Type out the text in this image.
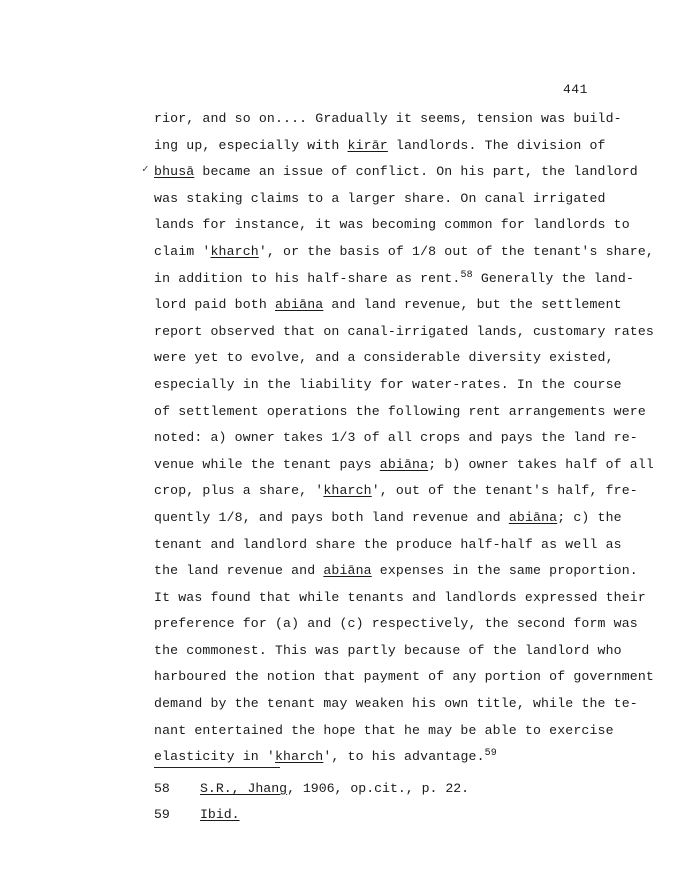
441
✓
rior, and so on.... Gradually it seems, tension was build-
ing up, especially with kirār landlords. The division of
bhusā became an issue of conflict. On his part, the landlord
was staking claims to a larger share. On canal irrigated
lands for instance, it was becoming common for landlords to
claim 'kharch', or the basis of 1/8 out of the tenant's share,
in addition to his half-share as rent.$^{58}$ Generally the land-
lord paid both abiāna and land revenue, but the settlement
report observed that on canal-irrigated lands, customary rates
were yet to evolve, and a considerable diversity existed,
especially in the liability for water-rates. In the course
of settlement operations the following rent arrangements were
noted: a) owner takes 1/3 of all crops and pays the land re-
venue while the tenant pays abiāna; b) owner takes half of all
crop, plus a share, 'kharch', out of the tenant's half, fre-
quently 1/8, and pays both land revenue and abiāna; c) the
tenant and landlord share the produce half-half as well as
the land revenue and abiāna expenses in the same proportion.
It was found that while tenants and landlords expressed their
preference for (a) and (c) respectively, the second form was
the commonest. This was partly because of the landlord who
harboured the notion that payment of any portion of government
demand by the tenant may weaken his own title, while the te-
nant entertained the hope that he may be able to exercise
elasticity in 'kharch', to his advantage.$^{59}$
58 S.R., Jhang, 1906, op.cit., p. 22.
59 Ibid.
